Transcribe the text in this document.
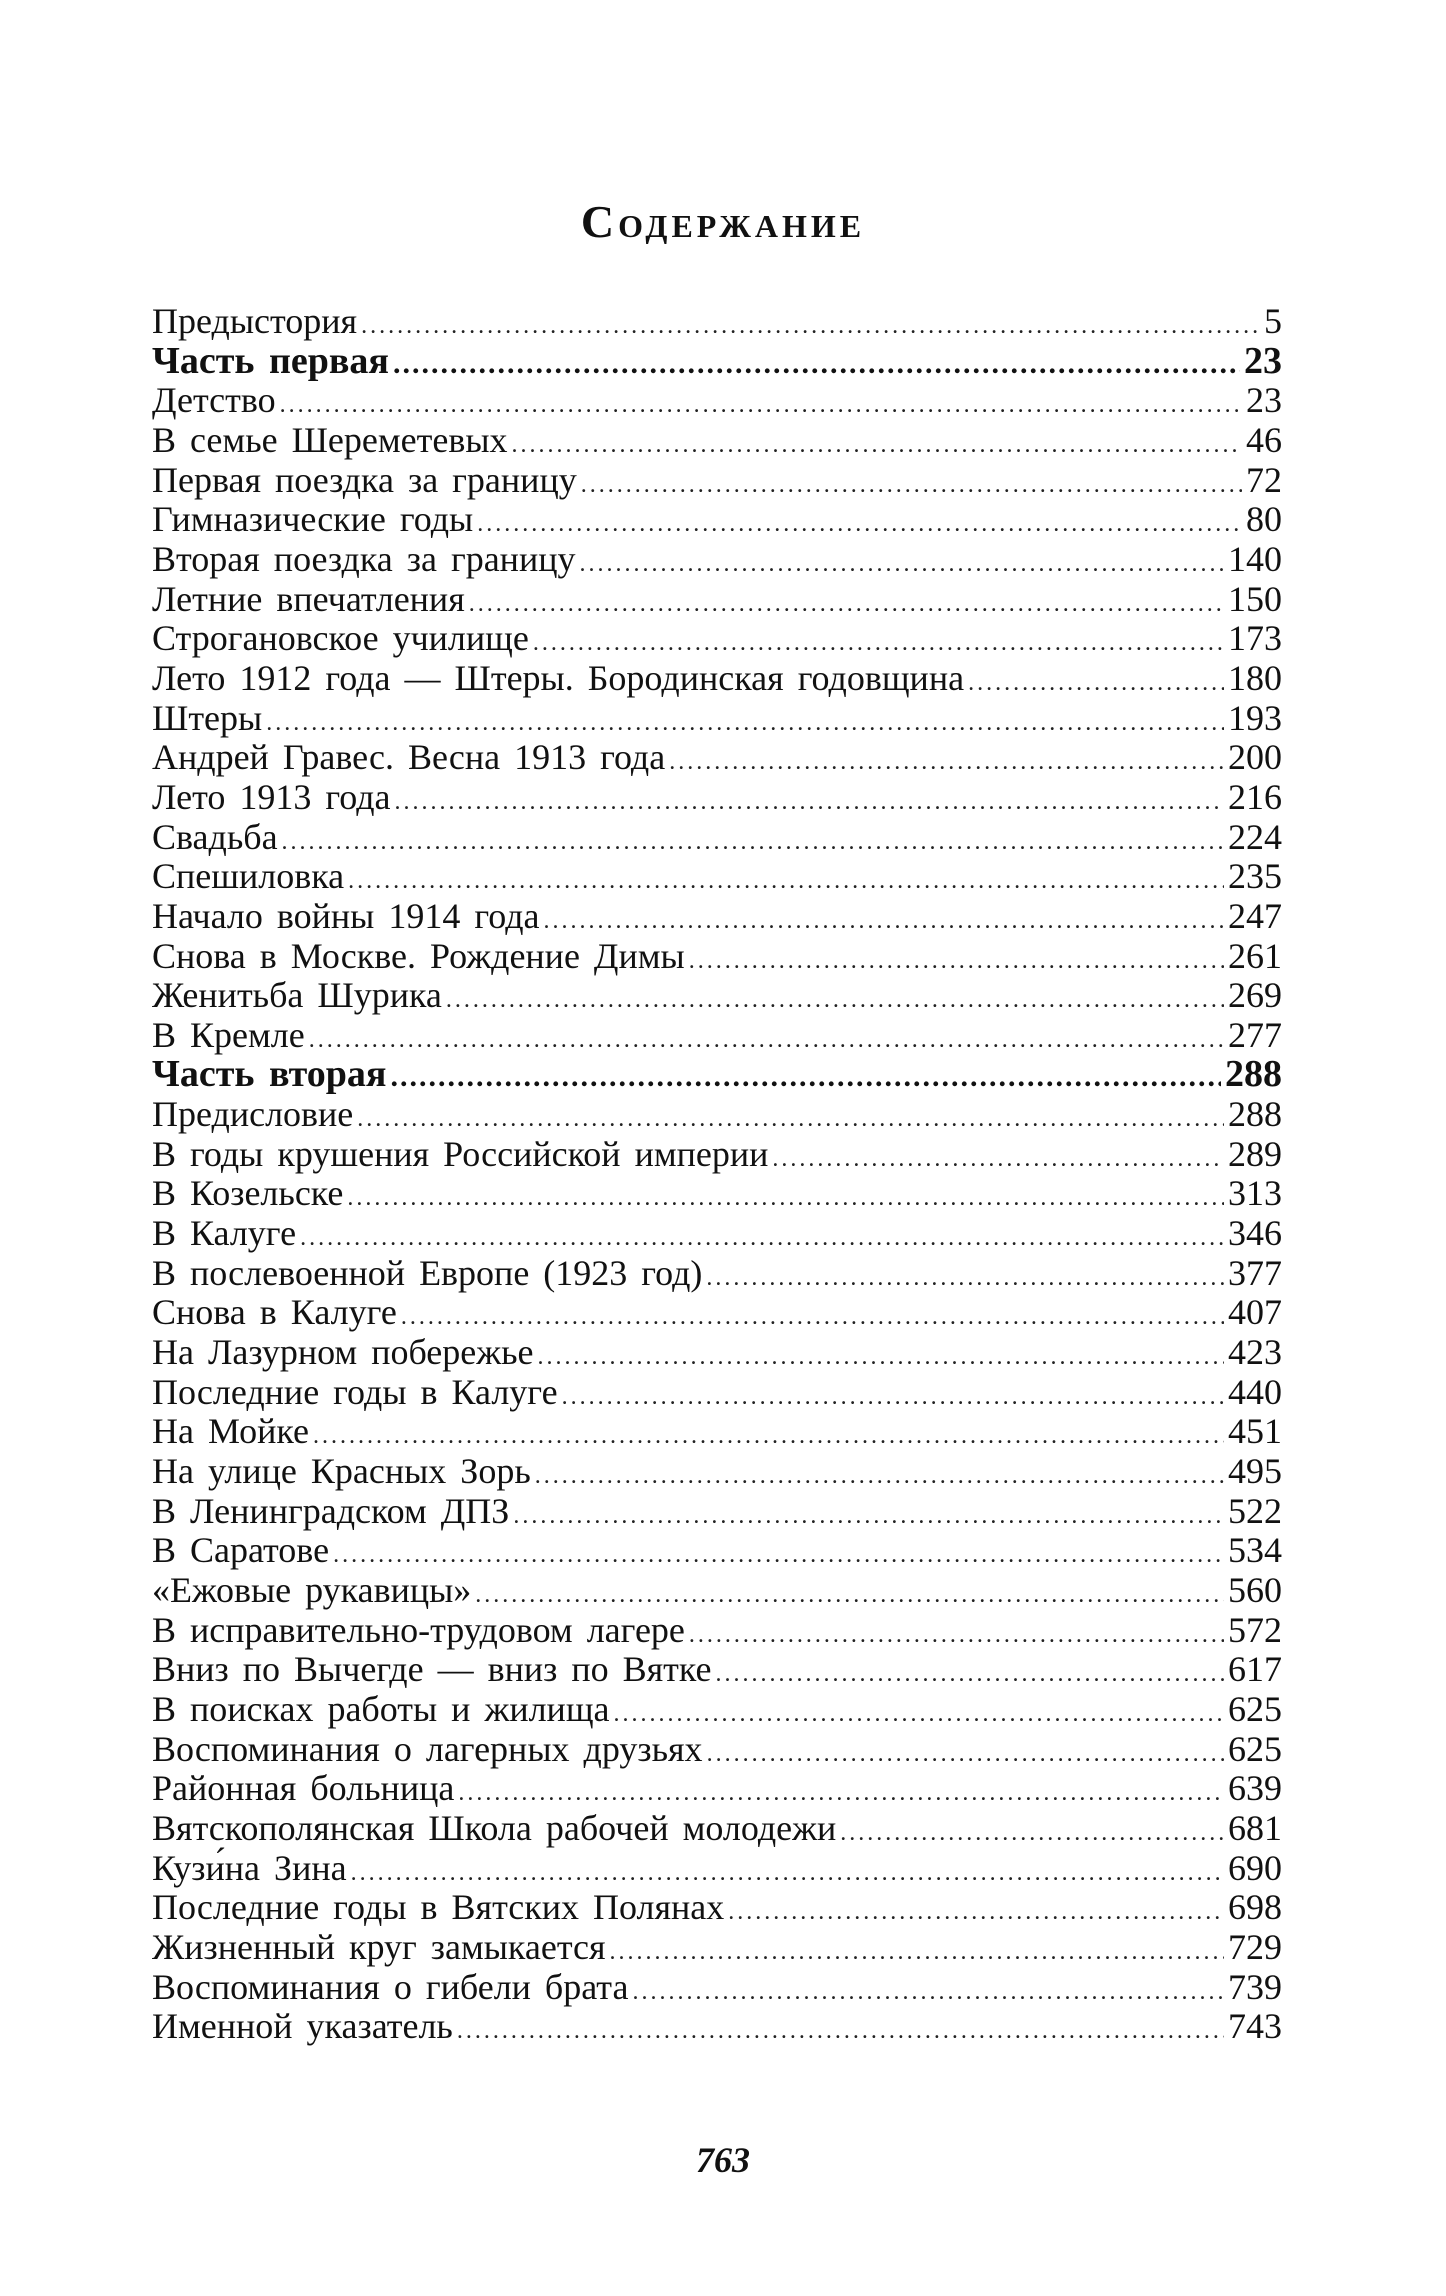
Содержание
Предыстория .....	5
Часть первая .....	23
Детство .....	23
В семье Шереметевых .....	46
Первая поездка за границу .....	72
Гимназические годы .....	80
Вторая поездка за границу .....	140
Летние впечатления .....	150
Строгановское училище .....	173
Лето 1912 года — Штеры. Бородинская годовщина .....	180
Штеры .....	193
Андрей Гравес. Весна 1913 года .....	200
Лето 1913 года .....	216
Свадьба .....	224
Спешиловка .....	235
Начало войны 1914 года .....	247
Снова в Москве. Рождение Димы .....	261
Женитьба Шурика .....	269
В Кремле .....	277
Часть вторая .....	288
Предисловие .....	288
В годы крушения Российской империи .....	289
В Козельске .....	313
В Калуге .....	346
В послевоенной Европе (1923 год) .....	377
Снова в Калуге .....	407
На Лазурном побережье .....	423
Последние годы в Калуге .....	440
На Мойке .....	451
На улице Красных Зорь .....	495
В Ленинградском ДПЗ .....	522
В Саратове .....	534
«Ежовые рукавицы» .....	560
В исправительно-трудовом лагере .....	572
Вниз по Вычегде — вниз по Вятке .....	617
В поисках работы и жилища .....	625
Воспоминания о лагерных друзьях .....	625
Районная больница .....	639
Вятскополянская Школа рабочей молодежи .....	681
Кузи́на Зина .....	690
Последние годы в Вятских Полянах .....	698
Жизненный круг замыкается .....	729
Воспоминания о гибели брата .....	739
Именной указатель .....	743
763
